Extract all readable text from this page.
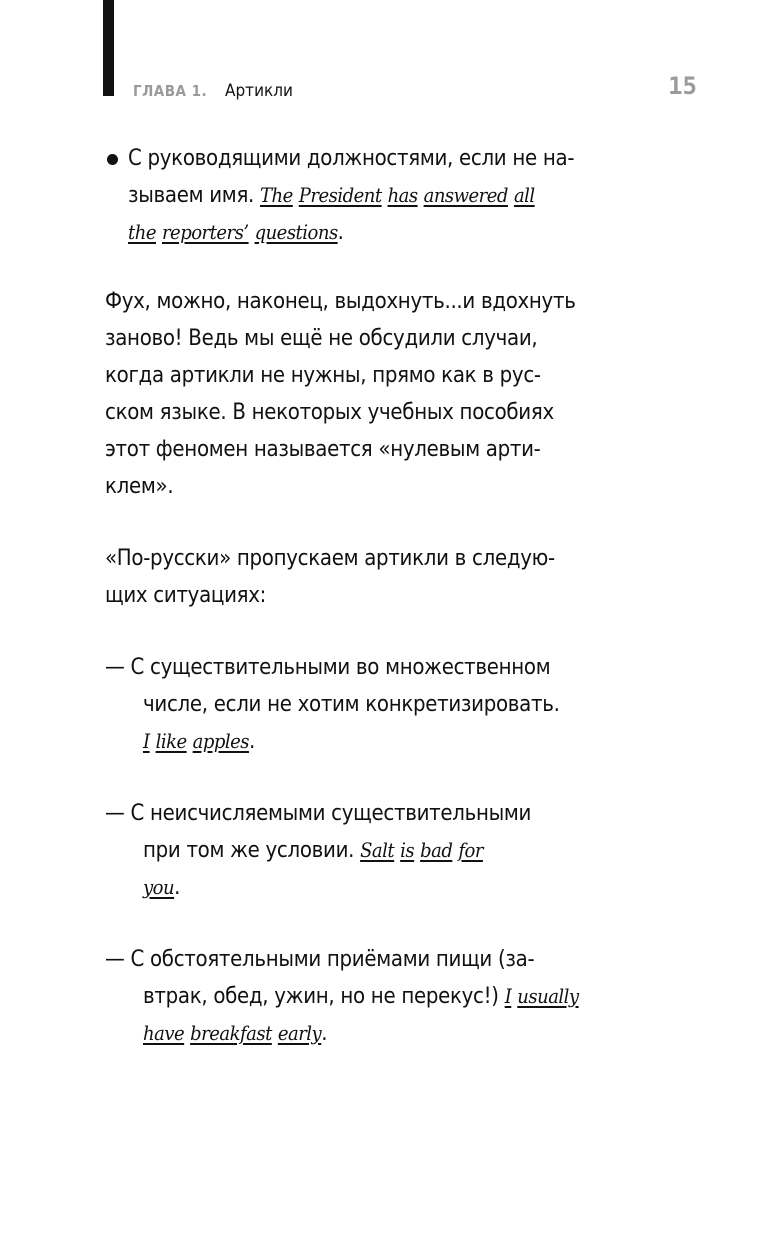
ГЛАВА 1. Артикли	15
С руководящими должностями, если не на-
зываем имя. The President has answered all
the reporters’ questions.
Фух, можно, наконец, выдохнуть...и вдохнуть
заново! Ведь мы ещё не обсудили случаи,
когда артикли не нужны, прямо как в рус-
ском языке. В некоторых учебных пособиях
этот феномен называется «нулевым арти-
клем».
«По-русски» пропускаем артикли в следую-
щих ситуациях:
— С существительными во множественном
числе, если не хотим конкретизировать.
I like apples.
— С неисчисляемыми существительными
при том же условии. Salt is bad for
you.
— С обстоятельными приёмами пищи (за-
втрак, обед, ужин, но не перекус!) I usually
have breakfast early.
